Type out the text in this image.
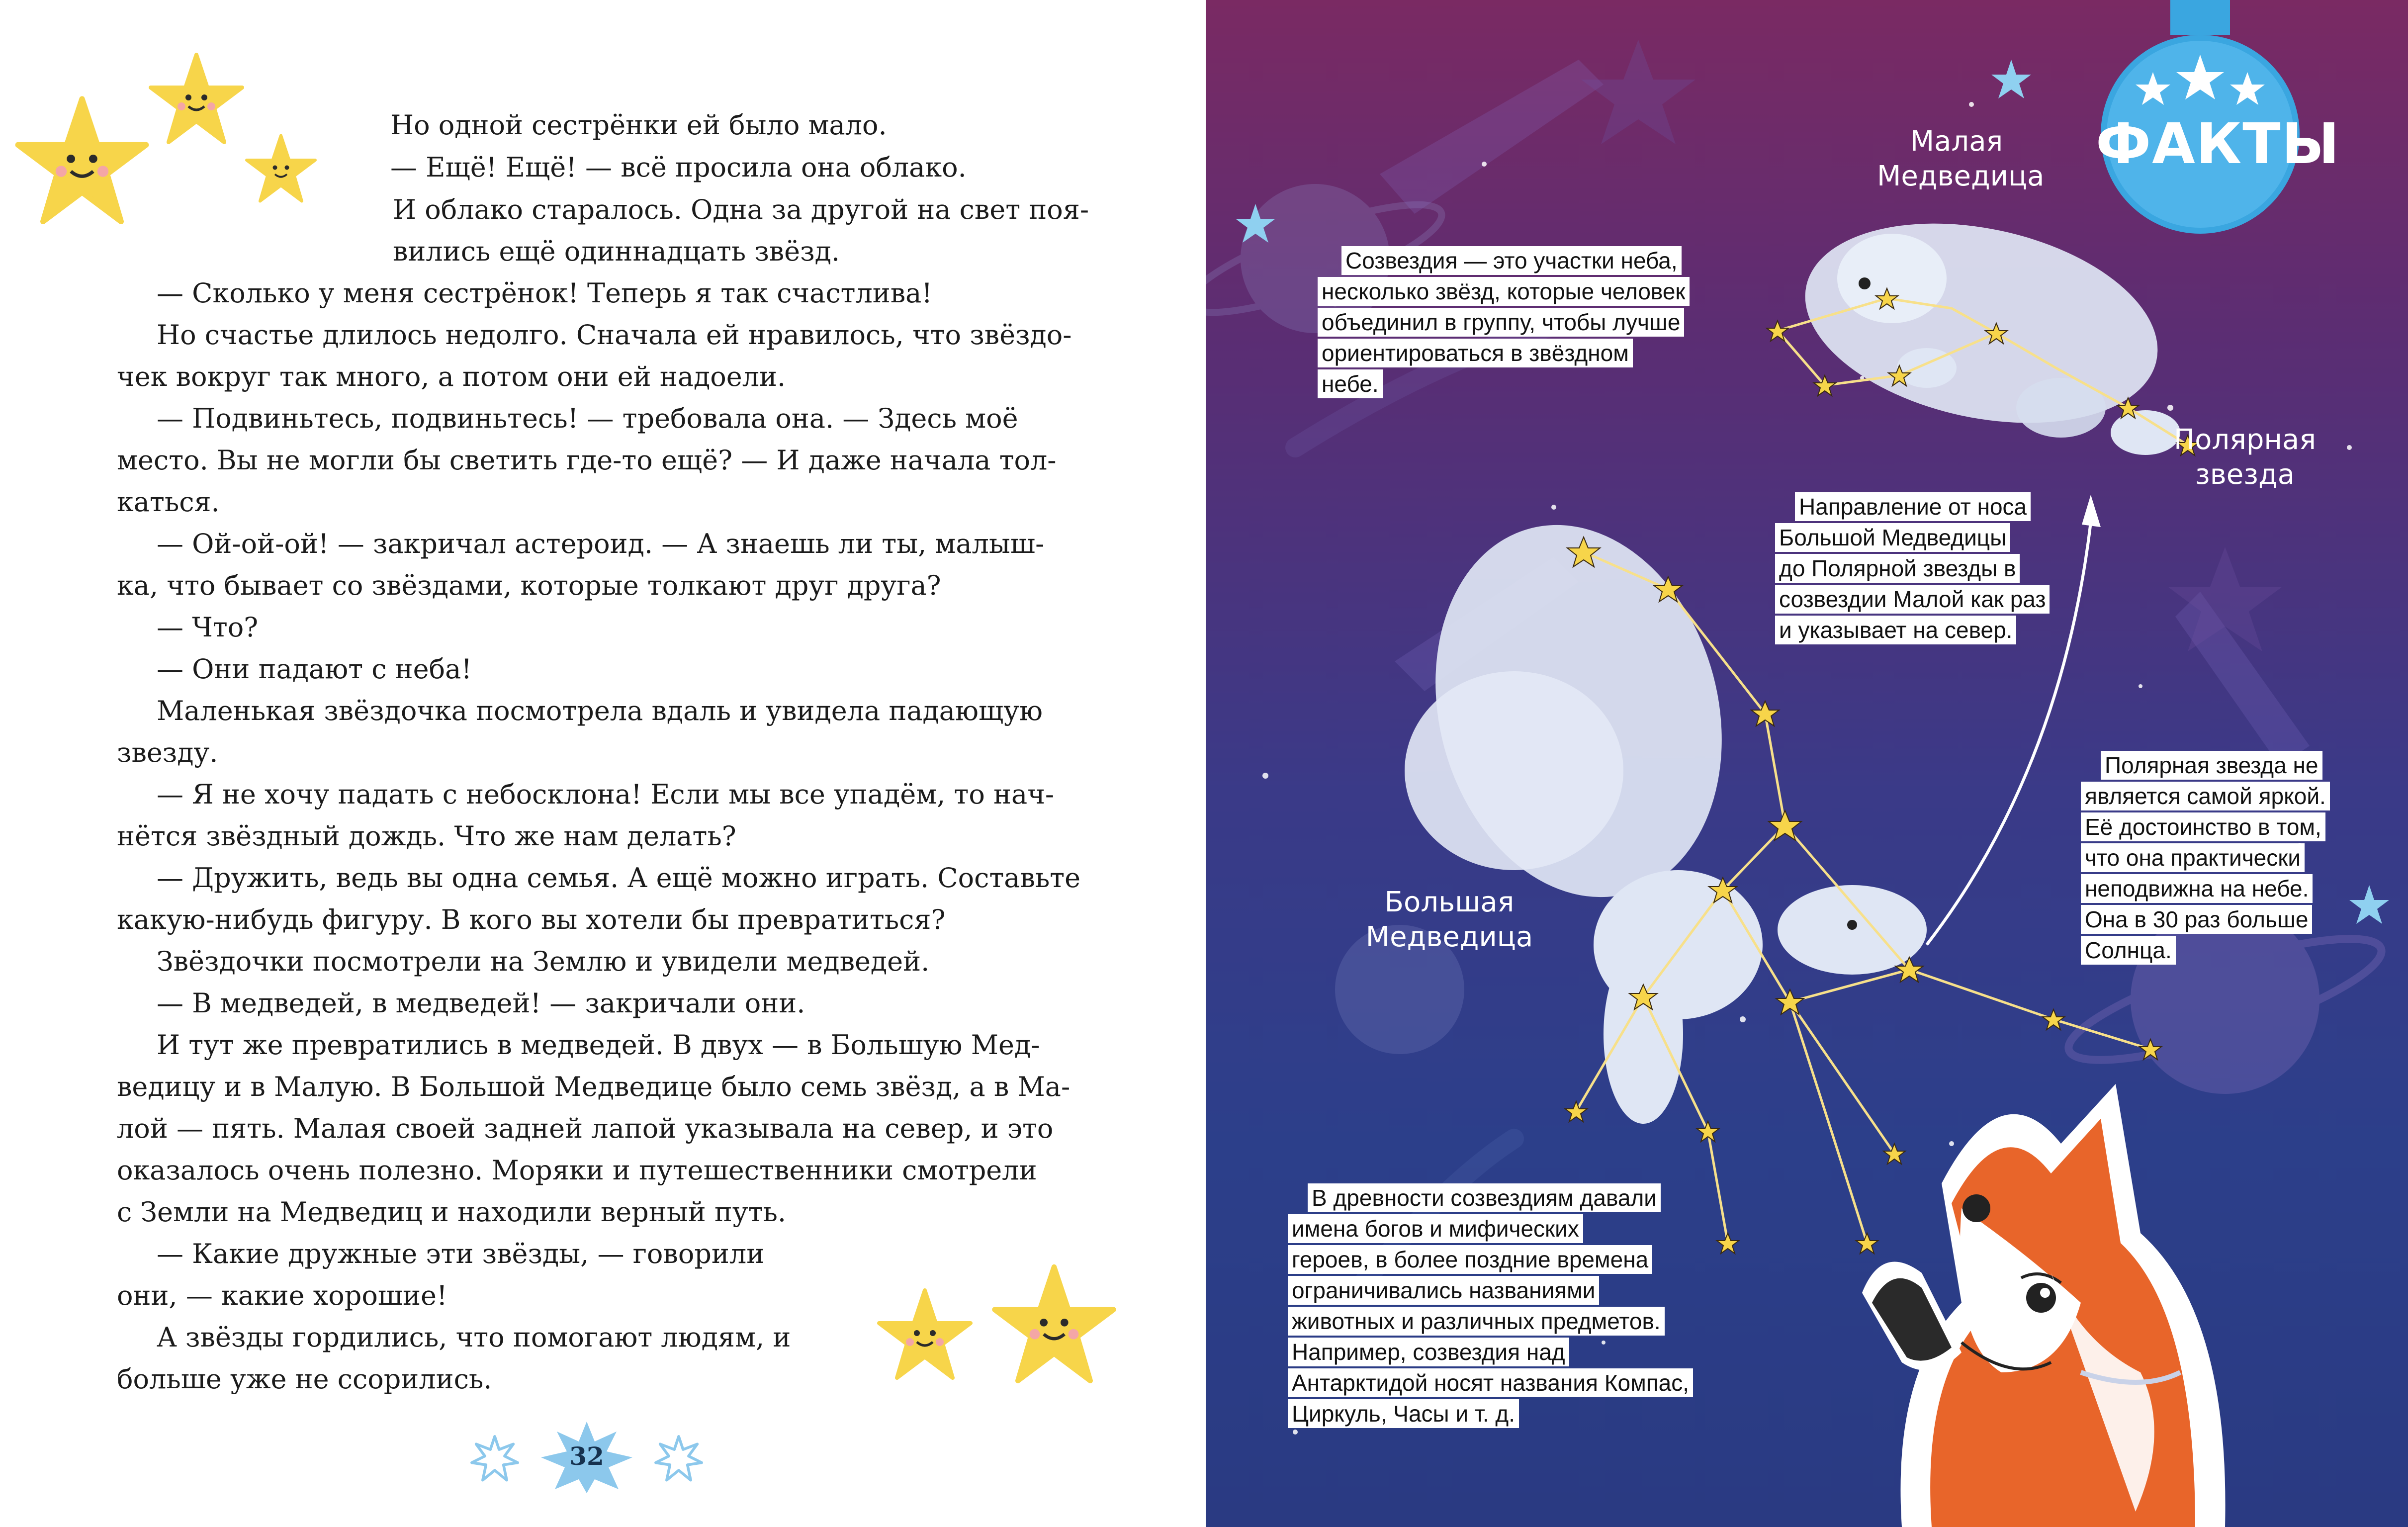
Но одной сестрёнки ей было мало.
— Ещё! Ещё! — всё просила она облако.
И облако старалось. Одна за другой на свет поя-
вились ещё одиннадцать звёзд.
— Сколько у меня сестрёнок! Теперь я так счастлива!
Но счастье длилось недолго. Сначала ей нравилось, что звёздо-
чек вокруг так много, а потом они ей надоели.
— Подвиньтесь, подвиньтесь! — требовала она. — Здесь моё
место. Вы не могли бы светить где-то ещё? — И даже начала тол-
каться.
— Ой-ой-ой! — закричал астероид. — А знаешь ли ты, малыш-
ка, что бывает со звёздами, которые толкают друг друга?
— Что?
— Они падают с неба!
Маленькая звёздочка посмотрела вдаль и увидела падающую
звезду.
— Я не хочу падать с небосклона! Если мы все упадём, то нач-
нётся звёздный дождь. Что же нам делать?
— Дружить, ведь вы одна семья. А ещё можно играть. Составьте
какую-нибудь фигуру. В кого вы хотели бы превратиться?
Звёздочки посмотрели на Землю и увидели медведей.
— В медведей, в медведей! — закричали они.
И тут же превратились в медведей. В двух — в Большую Мед-
ведицу и в Малую. В Большой Медведице было семь звёзд, а в Ма-
лой — пять. Малая своей задней лапой указывала на север, и это
оказалось очень полезно. Моряки и путешественники смотрели
с Земли на Медведиц и находили верный путь.
— Какие дружные эти звёзды, — говорили
они, — какие хорошие!
А звёзды гордились, что помогают людям, и
больше уже не ссорились.
32
ФАКТЫ
Малая
Медведица
Большая
Медведица
Полярная
звезда
Созвездия — это участки неба,
несколько звёзд, которые человек
объединил в группу, чтобы лучше
ориентироваться в звёздном
небе.
Направление от носа
Большой Медведицы
до Полярной звезды в
созвездии Малой как раз
и указывает на север.
Полярная звезда не
является самой яркой.
Её достоинство в том,
что она практически
неподвижна на небе.
Она в 30 раз больше
Солнца.
В древности созвездиям давали
имена богов и мифических
героев, в более поздние времена
ограничивались названиями
животных и различных предметов.
Например, созвездия над
Антарктидой носят названия Компас,
Циркуль, Часы и т. д.
